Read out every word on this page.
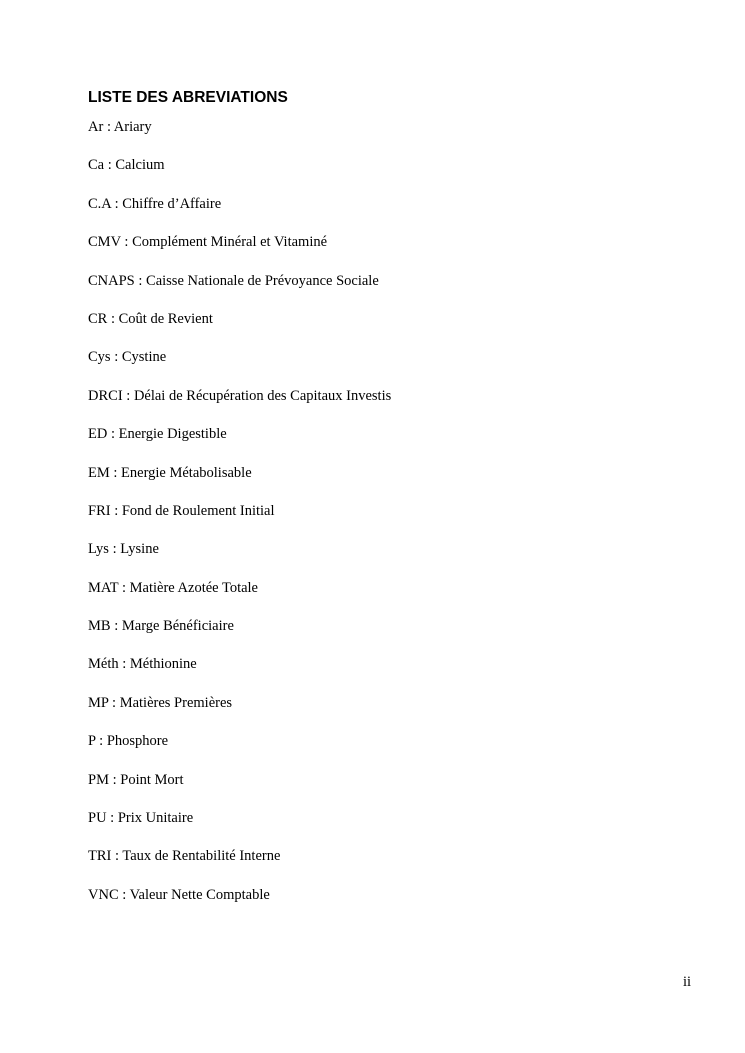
LISTE DES ABREVIATIONS
Ar : Ariary
Ca : Calcium
C.A : Chiffre d’Affaire
CMV : Complément Minéral et Vitaminé
CNAPS : Caisse Nationale de Prévoyance Sociale
CR : Coût de Revient
Cys : Cystine
DRCI : Délai de Récupération des Capitaux Investis
ED : Energie Digestible
EM : Energie Métabolisable
FRI : Fond de Roulement Initial
Lys : Lysine
MAT : Matière Azotée Totale
MB : Marge Bénéficiaire
Méth : Méthionine
MP : Matières Premières
P : Phosphore
PM : Point Mort
PU : Prix Unitaire
TRI : Taux de Rentabilité Interne
VNC : Valeur Nette Comptable
ii
